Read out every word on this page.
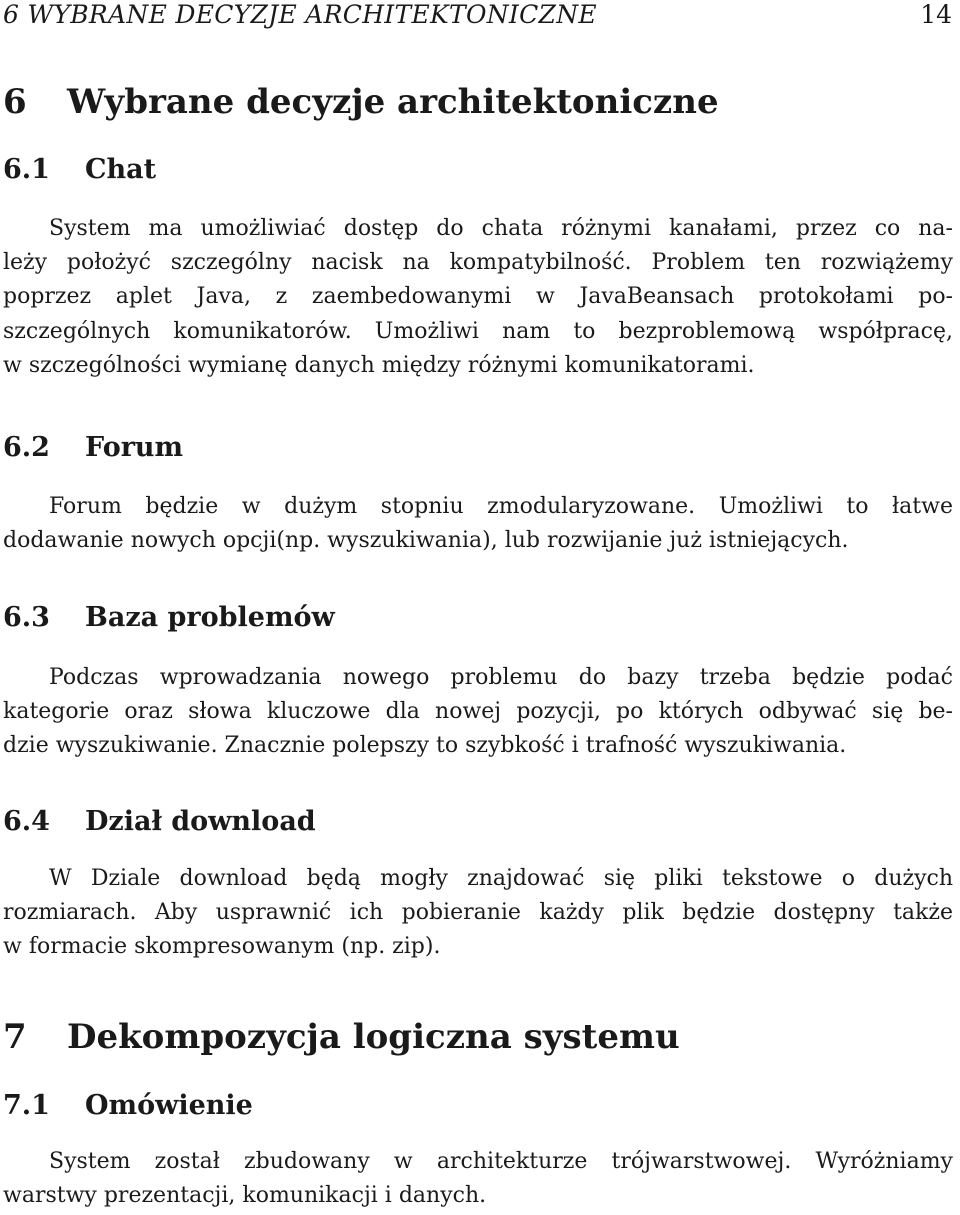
6 WYBRANE DECYZJE ARCHITEKTONICZNE	14
6 Wybrane decyzje architektoniczne
6.1 Chat
System ma umożliwiać dostęp do chata różnymi kanałami, przez co na-
leży położyć szczególny nacisk na kompatybilność. Problem ten rozwiążemy
poprzez aplet Java, z zaembedowanymi w JavaBeansach protokołami po-
szczególnych komunikatorów. Umożliwi nam to bezproblemową współpracę,
w szczególności wymianę danych między różnymi komunikatorami.
6.2 Forum
Forum będzie w dużym stopniu zmodularyzowane. Umożliwi to łatwe
dodawanie nowych opcji(np. wyszukiwania), lub rozwijanie już istniejących.
6.3 Baza problemów
Podczas wprowadzania nowego problemu do bazy trzeba będzie podać
kategorie oraz słowa kluczowe dla nowej pozycji, po których odbywać się be-
dzie wyszukiwanie. Znacznie polepszy to szybkość i trafność wyszukiwania.
6.4 Dział download
W Dziale download będą mogły znajdować się pliki tekstowe o dużych
rozmiarach. Aby usprawnić ich pobieranie każdy plik będzie dostępny także
w formacie skompresowanym (np. zip).
7 Dekompozycja logiczna systemu
7.1 Omówienie
System został zbudowany w architekturze trójwarstwowej. Wyróżniamy
warstwy prezentacji, komunikacji i danych.
